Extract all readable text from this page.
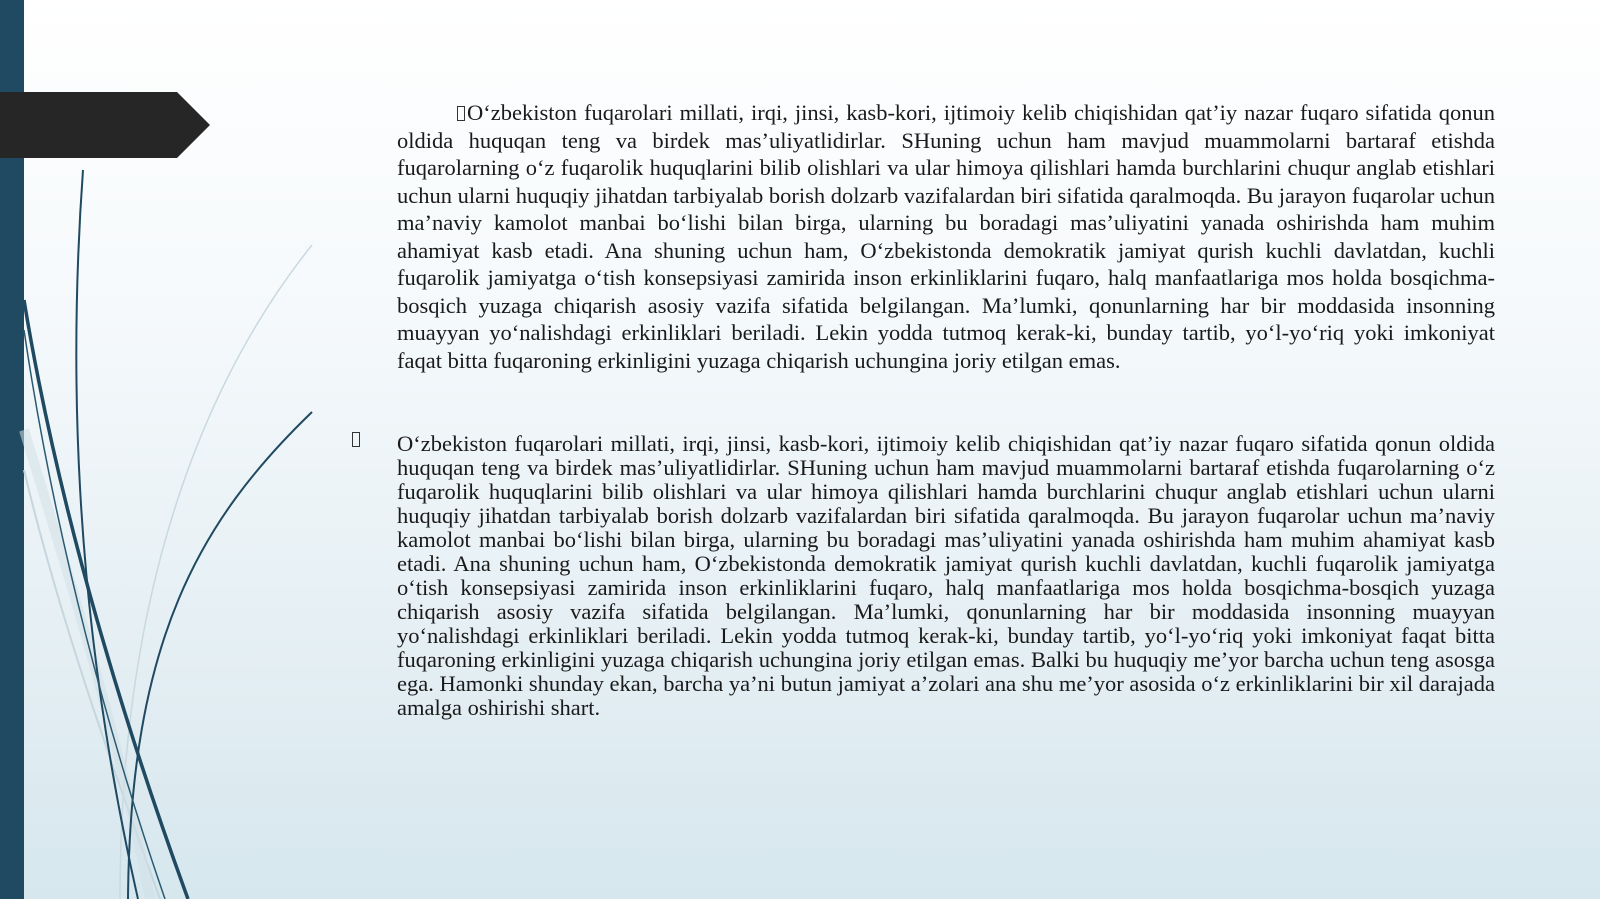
O‘zbekiston fuqarolari millati, irqi, jinsi, kasb-kori, ijtimoiy kelib chiqishidan qat’iy nazar fuqaro sifatida qonun oldida huquqan teng va birdek mas’uliyatlidirlar. SHuning uchun ham mavjud muammolarni bartaraf etishda fuqarolarning o‘z fuqarolik huquqlarini bilib olishlari va ular himoya qilishlari hamda burchlarini chuqur anglab etishlari uchun ularni huquqiy jihatdan tarbiyalab borish dolzarb vazifalardan biri sifatida qaralmoqda. Bu jarayon fuqarolar uchun ma’naviy kamolot manbai bo‘lishi bilan birga, ularning bu boradagi mas’uliyatini yanada oshirishda ham muhim ahamiyat kasb etadi. Ana shuning uchun ham, O‘zbekistonda demokratik jamiyat qurish kuchli davlatdan, kuchli fuqarolik jamiyatga o‘tish konsepsiyasi zamirida inson erkinliklarini fuqaro, halq manfaatlariga mos holda bosqichma-bosqich yuzaga chiqarish asosiy vazifa sifatida belgilangan. Ma’lumki, qonunlarning har bir moddasida insonning muayyan yo‘nalishdagi erkinliklari beriladi. Lekin yodda tutmoq kerak-ki, bunday tartib, yo‘l-yo‘riq yoki imkoniyat faqat bitta fuqaroning erkinligini yuzaga chiqarish uchungina joriy etilgan emas.
O‘zbekiston fuqarolari millati, irqi, jinsi, kasb-kori, ijtimoiy kelib chiqishidan qat’iy nazar fuqaro sifatida qonun oldida huquqan teng va birdek mas’uliyatlidirlar. SHuning uchun ham mavjud muammolarni bartaraf etishda fuqarolarning o‘z fuqarolik huquqlarini bilib olishlari va ular himoya qilishlari hamda burchlarini chuqur anglab etishlari uchun ularni huquqiy jihatdan tarbiyalab borish dolzarb vazifalardan biri sifatida qaralmoqda. Bu jarayon fuqarolar uchun ma’naviy kamolot manbai bo‘lishi bilan birga, ularning bu boradagi mas’uliyatini yanada oshirishda ham muhim ahamiyat kasb etadi. Ana shuning uchun ham, O‘zbekistonda demokratik jamiyat qurish kuchli davlatdan, kuchli fuqarolik jamiyatga o‘tish konsepsiyasi zamirida inson erkinliklarini fuqaro, halq manfaatlariga mos holda bosqichma-bosqich yuzaga chiqarish asosiy vazifa sifatida belgilangan. Ma’lumki, qonunlarning har bir moddasida insonning muayyan yo‘nalishdagi erkinliklari beriladi. Lekin yodda tutmoq kerak-ki, bunday tartib, yo‘l-yo‘riq yoki imkoniyat faqat bitta fuqaroning erkinligini yuzaga chiqarish uchungina joriy etilgan emas. Balki bu huquqiy me’yor barcha uchun teng asosga ega. Hamonki shunday ekan, barcha ya’ni butun jamiyat a’zolari ana shu me’yor asosida o‘z erkinliklarini bir xil darajada amalga oshirishi shart.
